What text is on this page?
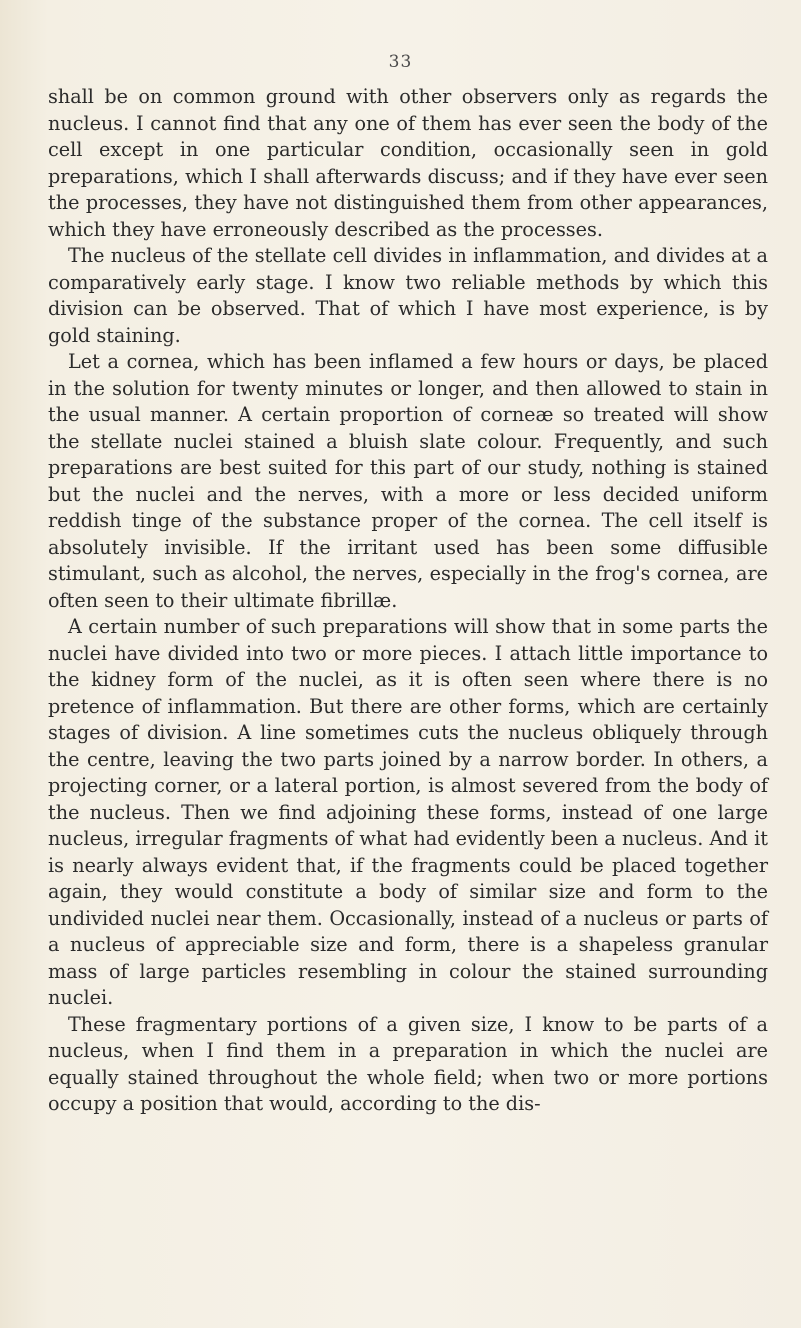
33

shall be on common ground with other observers only as regards the nucleus. I cannot find that any one of them has ever seen the body of the cell except in one particular condition, occasionally seen in gold preparations, which I shall afterwards discuss; and if they have ever seen the processes, they have not distinguished them from other appearances, which they have erroneously described as the processes.

The nucleus of the stellate cell divides in inflammation, and divides at a comparatively early stage. I know two reliable methods by which this division can be observed. That of which I have most experience, is by gold staining.

Let a cornea, which has been inflamed a few hours or days, be placed in the solution for twenty minutes or longer, and then allowed to stain in the usual manner. A certain proportion of corneæ so treated will show the stellate nuclei stained a bluish slate colour. Frequently, and such preparations are best suited for this part of our study, nothing is stained but the nuclei and the nerves, with a more or less decided uniform reddish tinge of the substance proper of the cornea. The cell itself is absolutely invisible. If the irritant used has been some diffusible stimulant, such as alcohol, the nerves, especially in the frog's cornea, are often seen to their ultimate fibrillæ.

A certain number of such preparations will show that in some parts the nuclei have divided into two or more pieces. I attach little importance to the kidney form of the nuclei, as it is often seen where there is no pretence of inflammation. But there are other forms, which are certainly stages of division. A line sometimes cuts the nucleus obliquely through the centre, leaving the two parts joined by a narrow border. In others, a projecting corner, or a lateral portion, is almost severed from the body of the nucleus. Then we find adjoining these forms, instead of one large nucleus, irregular fragments of what had evidently been a nucleus. And it is nearly always evident that, if the fragments could be placed together again, they would constitute a body of similar size and form to the undivided nuclei near them. Occasionally, instead of a nucleus or parts of a nucleus of appreciable size and form, there is a shapeless granular mass of large particles resembling in colour the stained surrounding nuclei.

These fragmentary portions of a given size, I know to be parts of a nucleus, when I find them in a preparation in which the nuclei are equally stained throughout the whole field; when two or more portions occupy a position that would, according to the dis-
